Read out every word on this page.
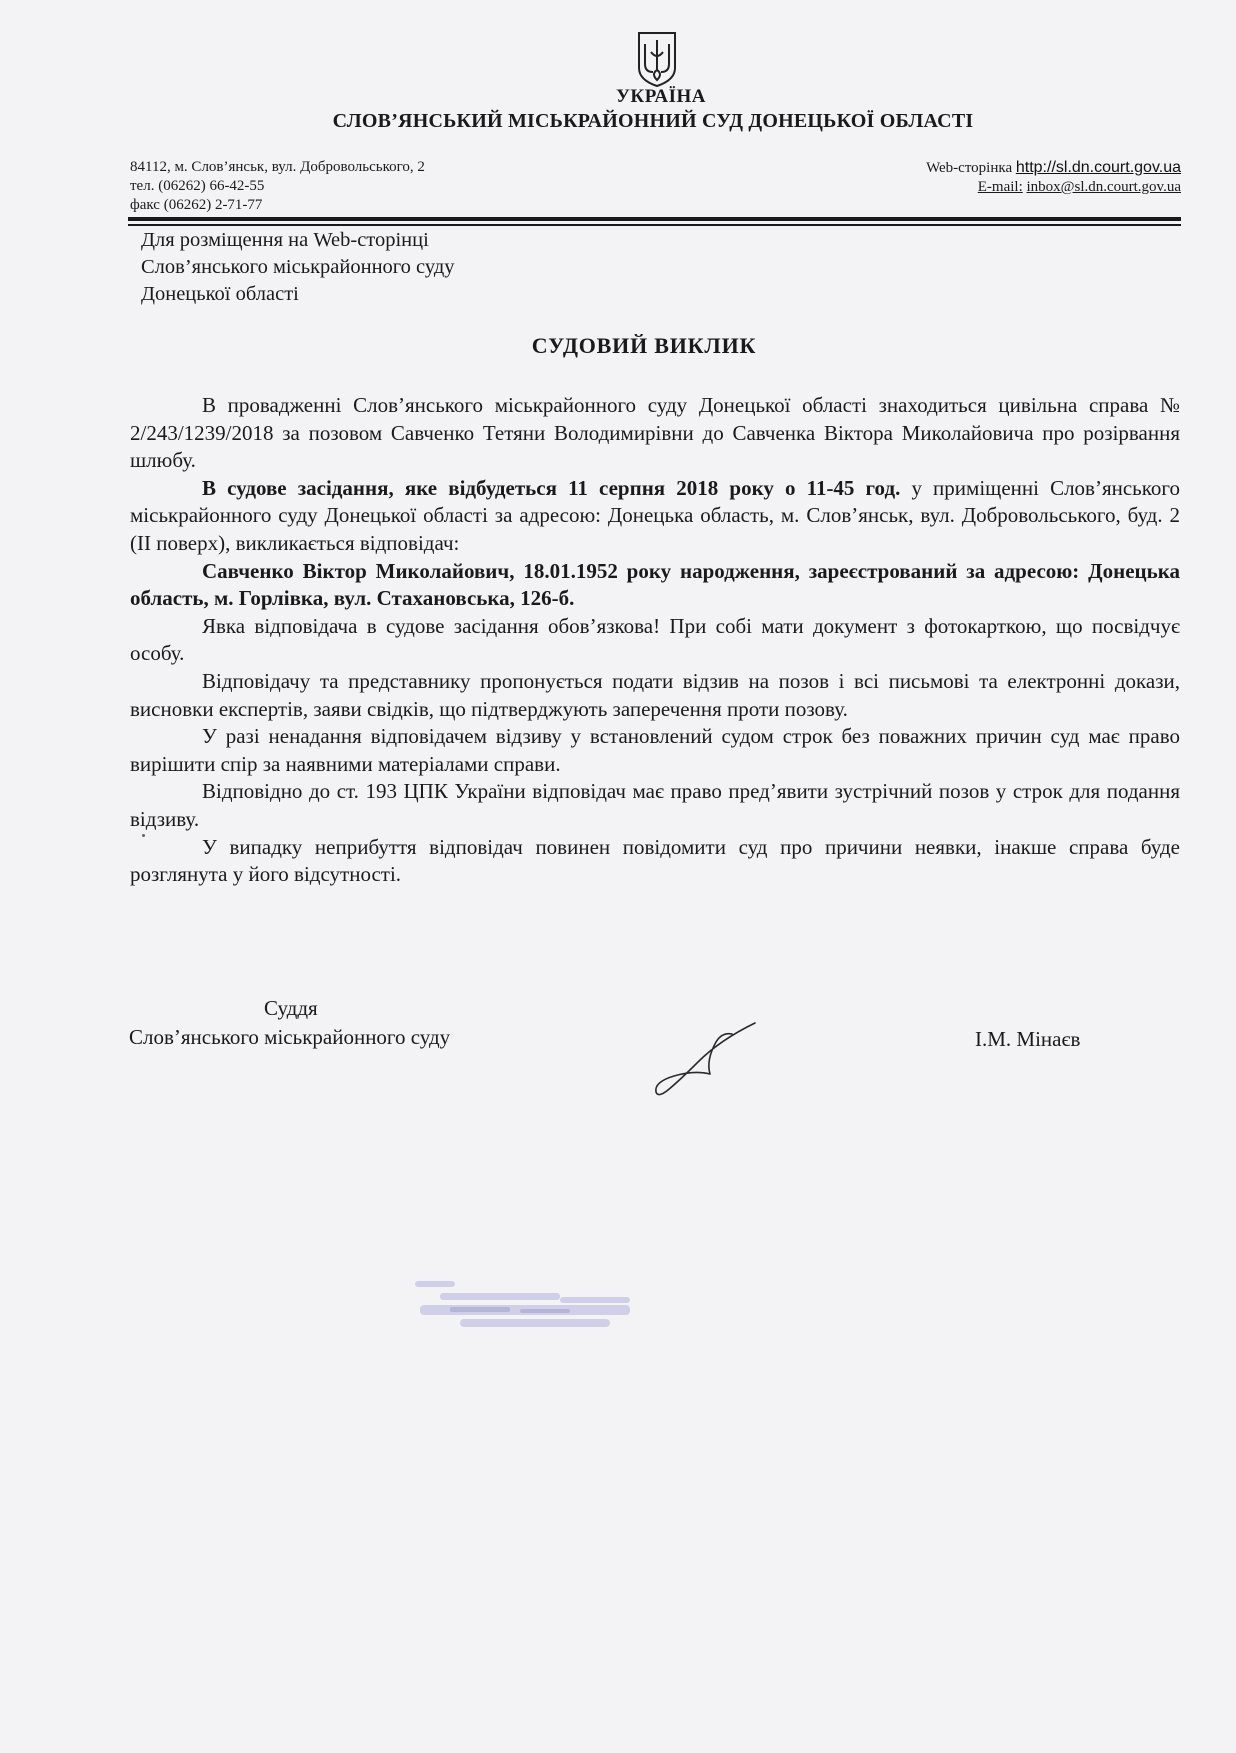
УКРАЇНА
СЛОВ’ЯНСЬКИЙ МІСЬКРАЙОННИЙ СУД ДОНЕЦЬКОЇ ОБЛАСТІ
84112, м. Слов’янськ, вул. Добровольського, 2
тел. (06262) 66-42-55
факс (06262) 2-71-77
Web-сторінка http://sl.dn.court.gov.ua
E-mail: inbox@sl.dn.court.gov.ua
Для розміщення на Web-сторінці
Слов’янського міськрайонного суду
Донецької області
СУДОВИЙ ВИКЛИК

В провадженні Слов’янського міськрайонного суду Донецької області знаходиться цивільна справа № 2/243/1239/2018 за позовом Савченко Тетяни Володимирівни до Савченка Віктора Миколайовича про розірвання шлюбу.

В судове засідання, яке відбудеться 11 серпня 2018 року о 11-45 год. у приміщенні Слов’янського міськрайонного суду Донецької області за адресою: Донецька область, м. Слов’янськ, вул. Добровольського, буд. 2 (ІІ поверх), викликається відповідач:

Савченко Віктор Миколайович, 18.01.1952 року народження, зареєстрований за адресою: Донецька область, м. Горлівка, вул. Стахановська, 126-б.

Явка відповідача в судове засідання обов’язкова! При собі мати документ з фотокарткою, що посвідчує особу.

Відповідачу та представнику пропонується подати відзив на позов і всі письмові та електронні докази, висновки експертів, заяви свідків, що підтверджують заперечення проти позову.

У разі ненадання відповідачем відзиву у встановлений судом строк без поважних причин суд має право вирішити спір за наявними матеріалами справи.

Відповідно до ст. 193 ЦПК України відповідач має право пред’явити зустрічний позов у строк для подання відзиву.

У випадку неприбуття відповідач повинен повідомити суд про причини неявки, інакше справа буде розглянута у його відсутності.

Суддя
Слов’янського міськрайонного суду	І.М. Мінаєв
